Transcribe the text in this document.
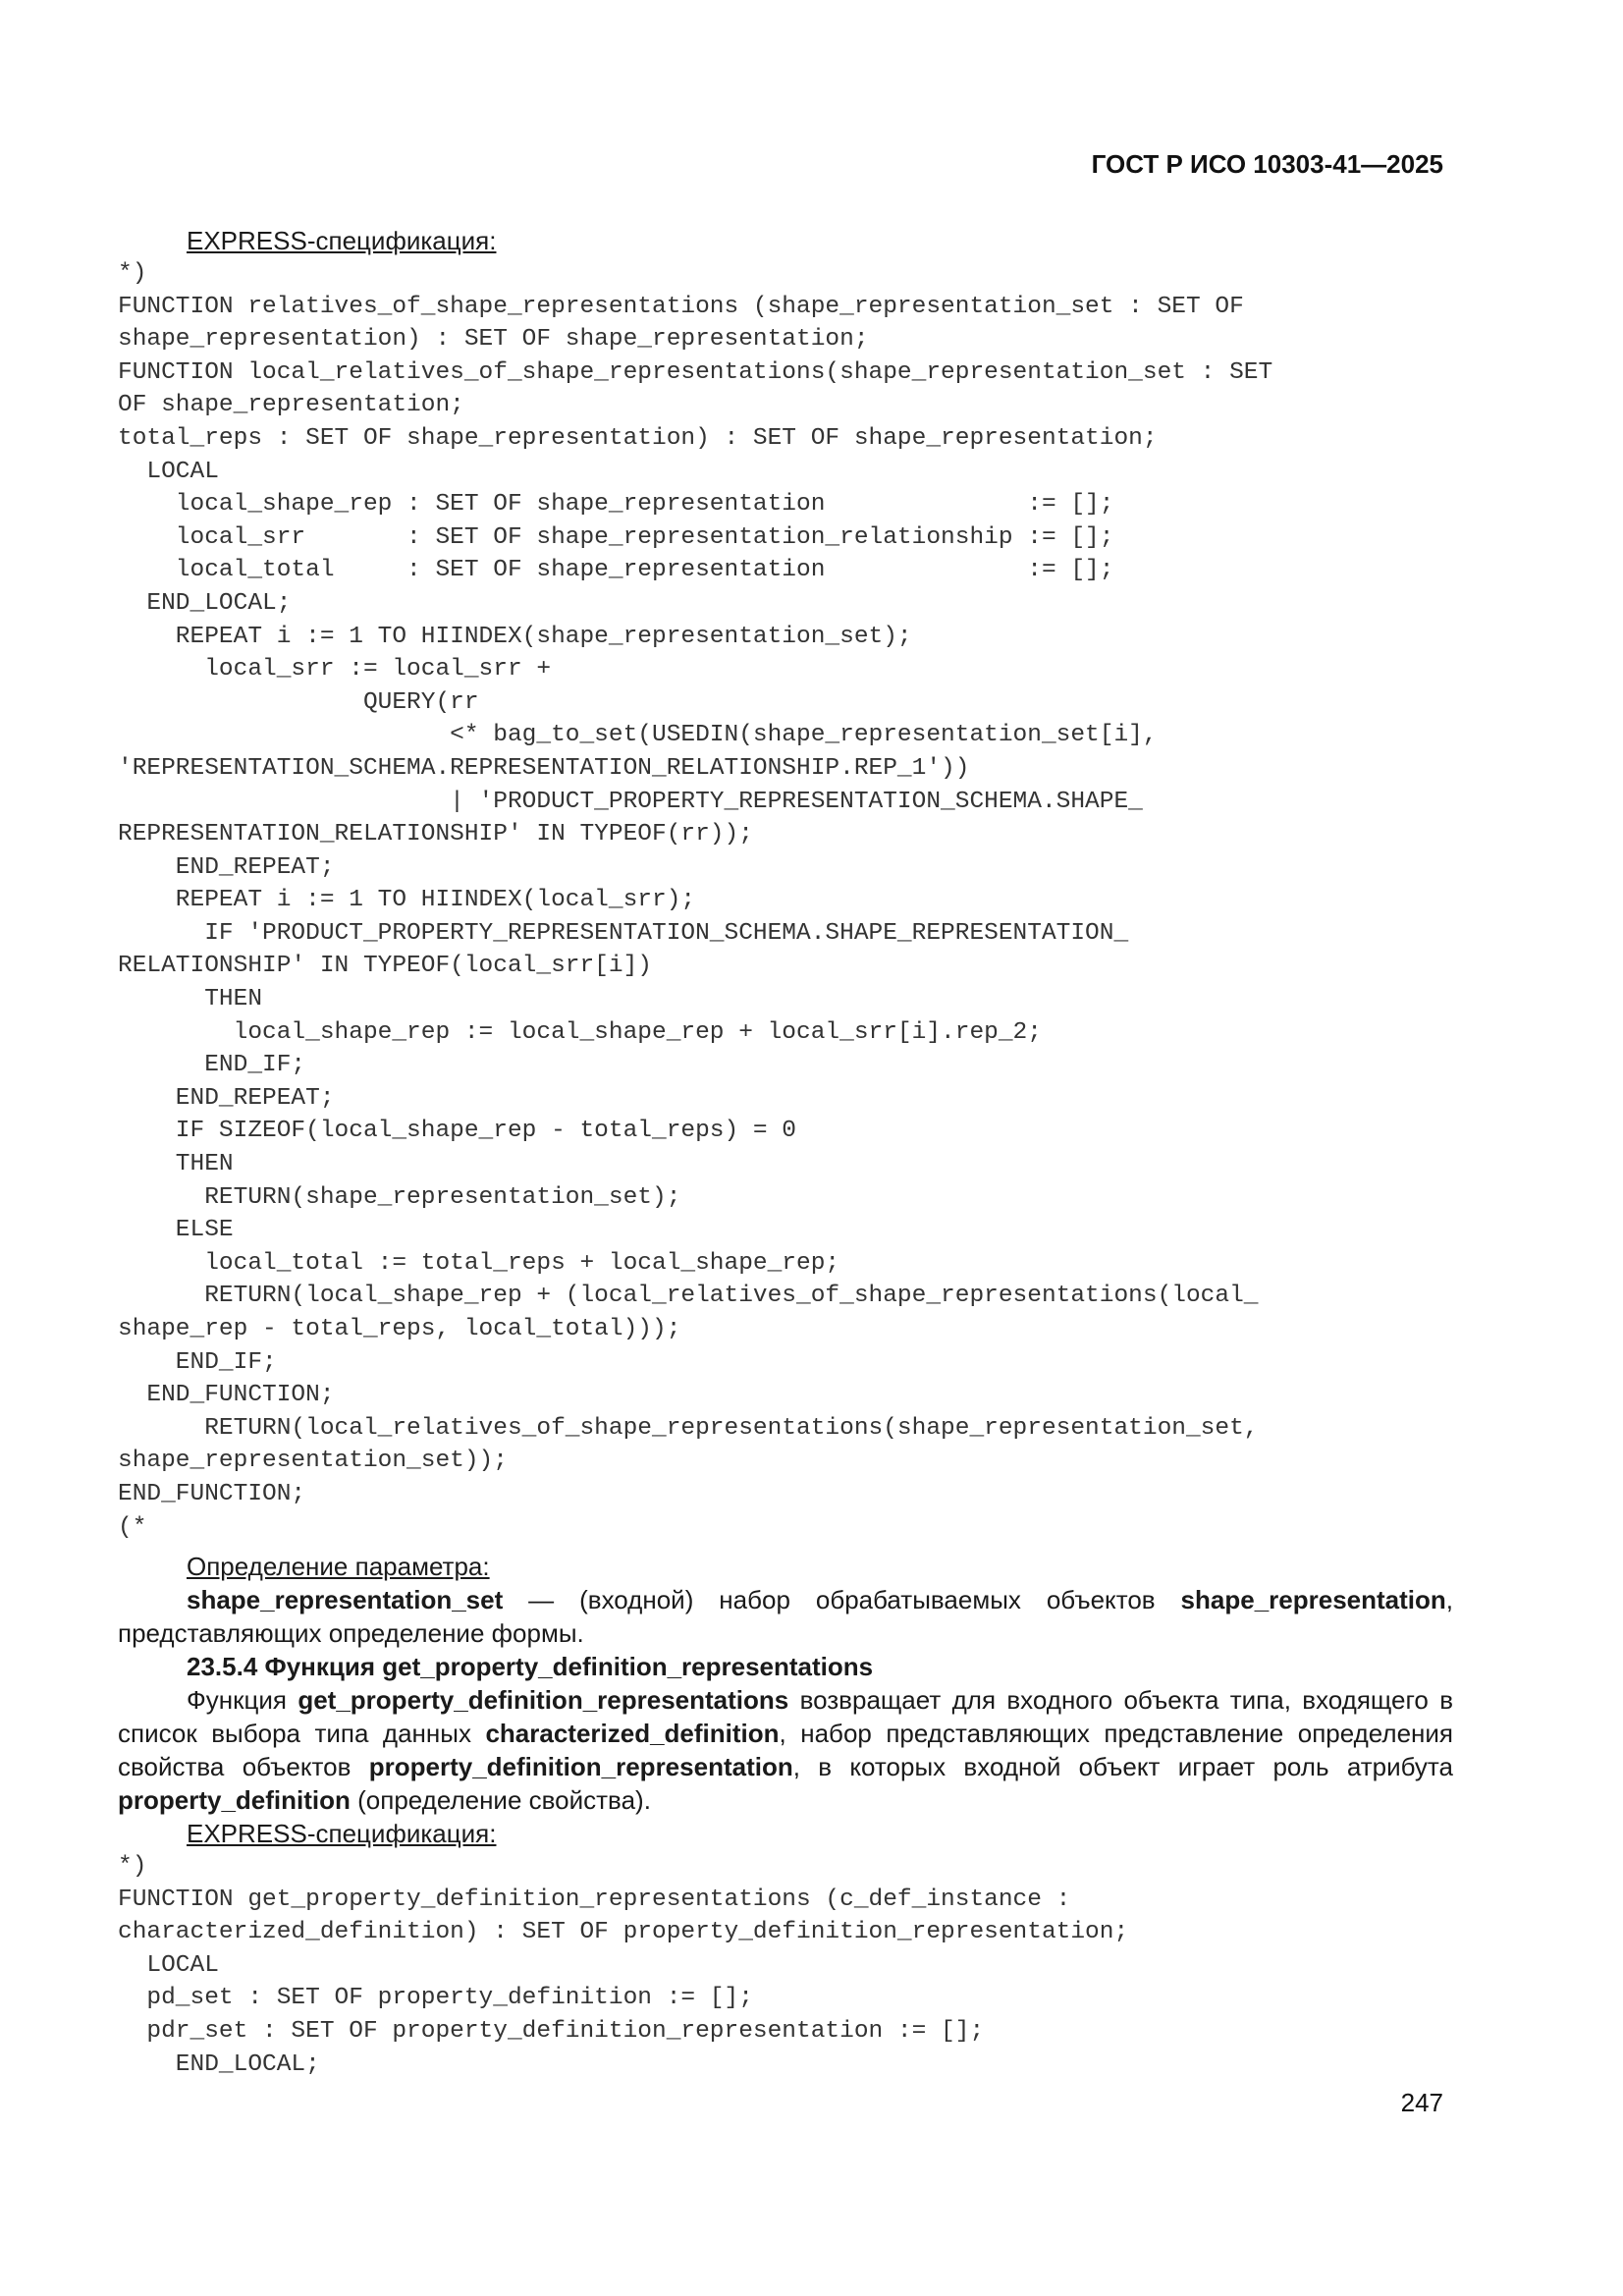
ГОСТ Р ИСО 10303-41—2025

EXPRESS-спецификация:

*)
FUNCTION relatives_of_shape_representations (shape_representation_set : SET OF
shape_representation) : SET OF shape_representation;
FUNCTION local_relatives_of_shape_representations(shape_representation_set : SET
OF shape_representation;
total_reps : SET OF shape_representation) : SET OF shape_representation;
LOCAL
local_shape_rep : SET OF shape_representation              := [];
local_srr       : SET OF shape_representation_relationship := [];
local_total     : SET OF shape_representation              := [];
END_LOCAL;
REPEAT i := 1 TO HIINDEX(shape_representation_set);
local_srr := local_srr +
QUERY(rr
<* bag_to_set(USEDIN(shape_representation_set[i],
'REPRESENTATION_SCHEMA.REPRESENTATION_RELATIONSHIP.REP_1'))
| 'PRODUCT_PROPERTY_REPRESENTATION_SCHEMA.SHAPE_
REPRESENTATION_RELATIONSHIP' IN TYPEOF(rr));
END_REPEAT;
REPEAT i := 1 TO HIINDEX(local_srr);
IF 'PRODUCT_PROPERTY_REPRESENTATION_SCHEMA.SHAPE_REPRESENTATION_
RELATIONSHIP' IN TYPEOF(local_srr[i])
THEN
local_shape_rep := local_shape_rep + local_srr[i].rep_2;
END_IF;
END_REPEAT;
IF SIZEOF(local_shape_rep - total_reps) = 0
THEN
RETURN(shape_representation_set);
ELSE
local_total := total_reps + local_shape_rep;
RETURN(local_shape_rep + (local_relatives_of_shape_representations(local_
shape_rep - total_reps, local_total)));
END_IF;
END_FUNCTION;
RETURN(local_relatives_of_shape_representations(shape_representation_set,
shape_representation_set));
END_FUNCTION;
(*

Определение параметра:

shape_representation_set — (входной) набор обрабатываемых объектов shape_representation, представляющих определение формы.

23.5.4 Функция get_property_definition_representations

Функция get_property_definition_representations возвращает для входного объекта типа, входящего в список выбора типа данных characterized_definition, набор представляющих представление определения свойства объектов property_definition_representation, в которых входной объект играет роль атрибута property_definition (определение свойства).

EXPRESS-спецификация:

*)
FUNCTION get_property_definition_representations (c_def_instance :
characterized_definition) : SET OF property_definition_representation;
LOCAL
pd_set : SET OF property_definition := [];
pdr_set : SET OF property_definition_representation := [];
END_LOCAL;
247
